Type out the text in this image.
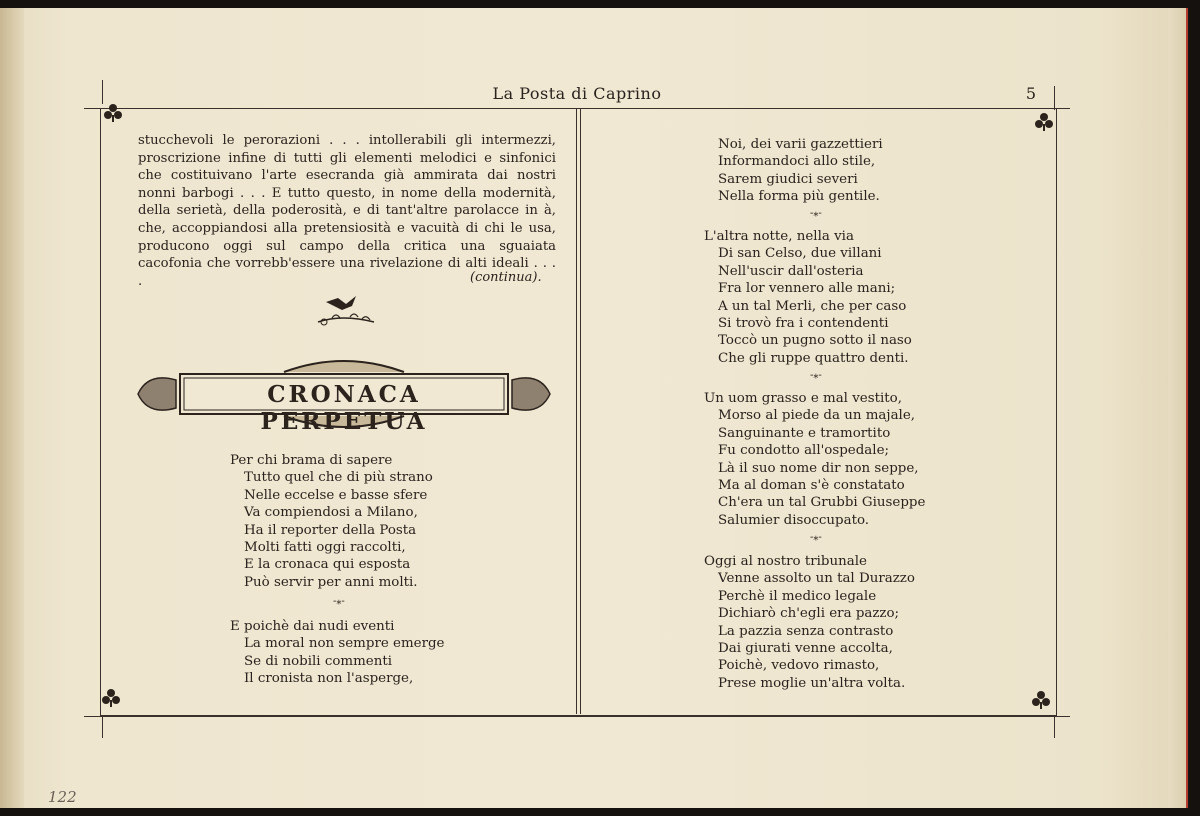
La Posta di Caprino	5

stucchevoli le perorazioni . . . intollerabili gli intermezzi, proscrizione infine di tutti gli elementi melodici e sinfonici che costituivano l'arte esecranda già ammirata dai nostri nonni barbogi . . . E tutto questo, in nome della modernità, della serietà, della poderosità, e di tant'altre parolacce in à, che, accoppiandosi alla pretensiosità e vacuità di chi le usa, producono oggi sul campo della critica una sguaiata cacofonia che vorrebb'essere una rivelazione di alti ideali . . . .	(continua).
CRONACA PERPETUA
Per chi brama di sapere
Tutto quel che di più strano
Nelle eccelse e basse sfere
Va compiendosi a Milano,
Ha il reporter della Posta
Molti fatti oggi raccolti,
E la cronaca qui esposta
Può servir per anni molti.
-⁎-
E poichè dai nudi eventi
La moral non sempre emerge
Se di nobili commenti
Il cronista non l'asperge,
Noi, dei varii gazzettieri
Informandoci allo stile,
Sarem giudici severi
Nella forma più gentile.
-⁎-
L'altra notte, nella via
Di san Celso, due villani
Nell'uscir dall'osteria
Fra lor vennero alle mani;
A un tal Merli, che per caso
Si trovò fra i contendenti
Toccò un pugno sotto il naso
Che gli ruppe quattro denti.
-⁎-
Un uom grasso e mal vestito,
Morso al piede da un majale,
Sanguinante e tramortito
Fu condotto all'ospedale;
Là il suo nome dir non seppe,
Ma al doman s'è constatato
Ch'era un tal Grubbi Giuseppe
Salumier disoccupato.
-⁎-
Oggi al nostro tribunale
Venne assolto un tal Durazzo
Perchè il medico legale
Dichiarò ch'egli era pazzo;
La pazzia senza contrasto
Dai giurati venne accolta,
Poichè, vedovo rimasto,
Prese moglie un'altra volta.
122
